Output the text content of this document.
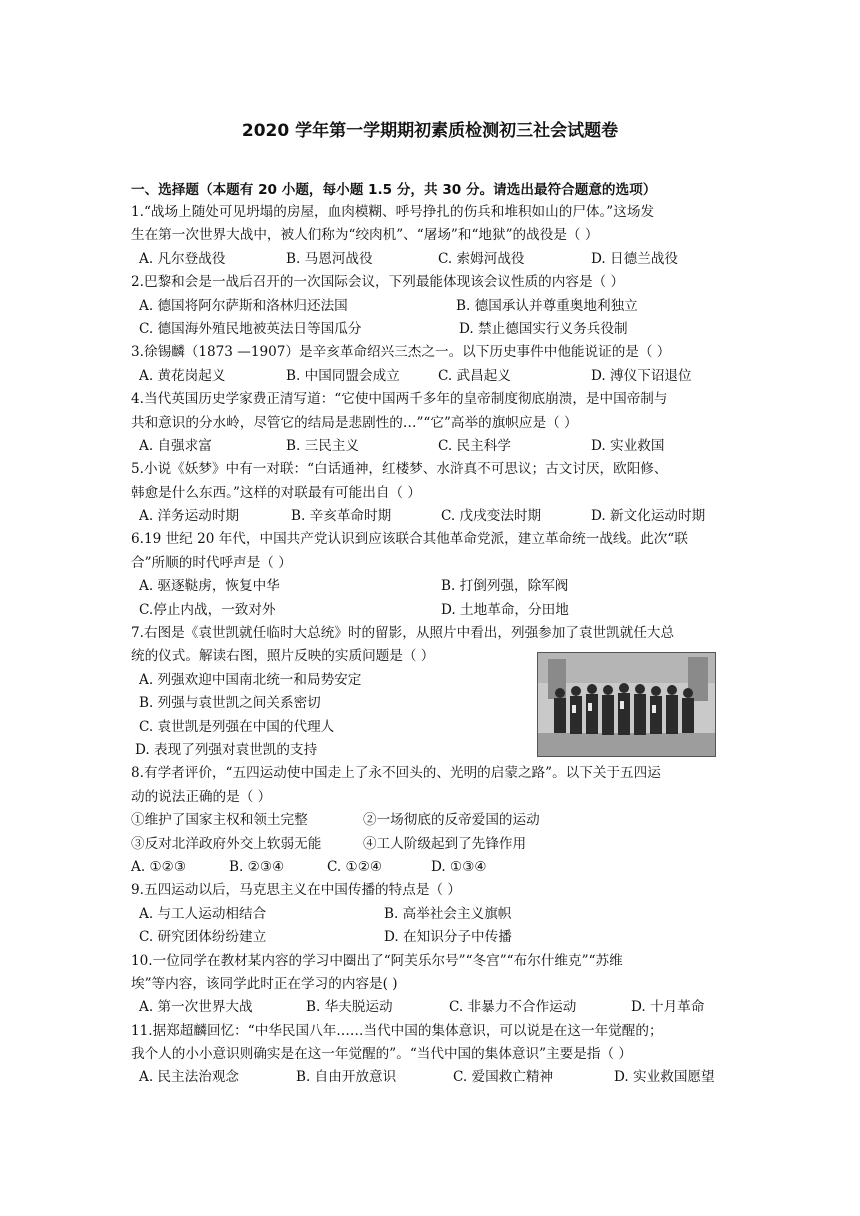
2020 学年第一学期期初素质检测初三社会试题卷
一、选择题（本题有 20 小题，每小题 1.5 分，共 30 分。请选出最符合题意的选项）
1.“战场上随处可见坍塌的房屋，血肉模糊、呼号挣扎的伤兵和堆积如山的尸体。”这场发
生在第一次世界大战中，被人们称为“绞肉机”、“屠场”和“地狱”的战役是（ ）
A. 凡尔登战役	B. 马恩河战役	C. 索姆河战役	D. 日德兰战役
2.巴黎和会是一战后召开的一次国际会议，下列最能体现该会议性质的内容是（ ）
A. 德国将阿尔萨斯和洛林归还法国	B. 德国承认并尊重奥地利独立
C. 德国海外殖民地被英法日等国瓜分	D. 禁止德国实行义务兵役制
3.徐锡麟（1873 —1907）是辛亥革命绍兴三杰之一。以下历史事件中他能说证的是（ ）
A. 黄花岗起义	B. 中国同盟会成立	C. 武昌起义	D. 溥仪下诏退位
4.当代英国历史学家费正清写道：“它使中国两千多年的皇帝制度彻底崩溃，是中国帝制与
共和意识的分水岭，尽管它的结局是悲剧性的…”“它”高举的旗帜应是（ ）
A. 自强求富	B. 三民主义	C. 民主科学	D. 实业救国
5.小说《妖梦》中有一对联：“白话通神，红楼梦、水浒真不可思议；古文讨厌，欧阳修、
韩愈是什么东西。”这样的对联最有可能出自（ ）
A. 洋务运动时期	B. 辛亥革命时期	C. 戊戌变法时期	D. 新文化运动时期
6.19 世纪 20 年代，中国共产党认识到应该联合其他革命党派，建立革命统一战线。此次“联
合”所顺的时代呼声是（ ）
A. 驱逐鞑虏，恢复中华	B. 打倒列强，除军阀
C.停止内战，一致对外	D. 土地革命，分田地
7.右图是《袁世凯就任临时大总统》时的留影，从照片中看出，列强参加了袁世凯就任大总
统的仪式。解读右图，照片反映的实质问题是（ ）
A. 列强欢迎中国南北统一和局势安定
B. 列强与袁世凯之间关系密切
C. 袁世凯是列强在中国的代理人
D. 表现了列强对袁世凯的支持
8.有学者评价，“五四运动使中国走上了永不回头的、光明的启蒙之路”。以下关于五四运
动的说法正确的是（ ）
①维护了国家主权和领土完整	②一场彻底的反帝爱国的运动
③反对北洋政府外交上软弱无能	④工人阶级起到了先锋作用
A. ①②③	B. ②③④	C. ①②④	D. ①③④
9.五四运动以后，马克思主义在中国传播的特点是（ ）
A. 与工人运动相结合	B. 高举社会主义旗帜
C. 研究团体纷纷建立	D. 在知识分子中传播
10.一位同学在教材某内容的学习中圈出了“阿芙乐尔号”“冬宫”“布尔什维克”“苏维
埃”等内容，该同学此时正在学习的内容是( )
A. 第一次世界大战	B. 华夫脱运动	C. 非暴力不合作运动	D. 十月革命
11.据郑超麟回忆：“中华民国八年……当代中国的集体意识，可以说是在这一年觉醒的；
我个人的小小意识则确实是在这一年觉醒的”。“当代中国的集体意识”主要是指（ ）
A. 民主法治观念	B. 自由开放意识	C. 爱国救亡精神	D. 实业救国愿望
